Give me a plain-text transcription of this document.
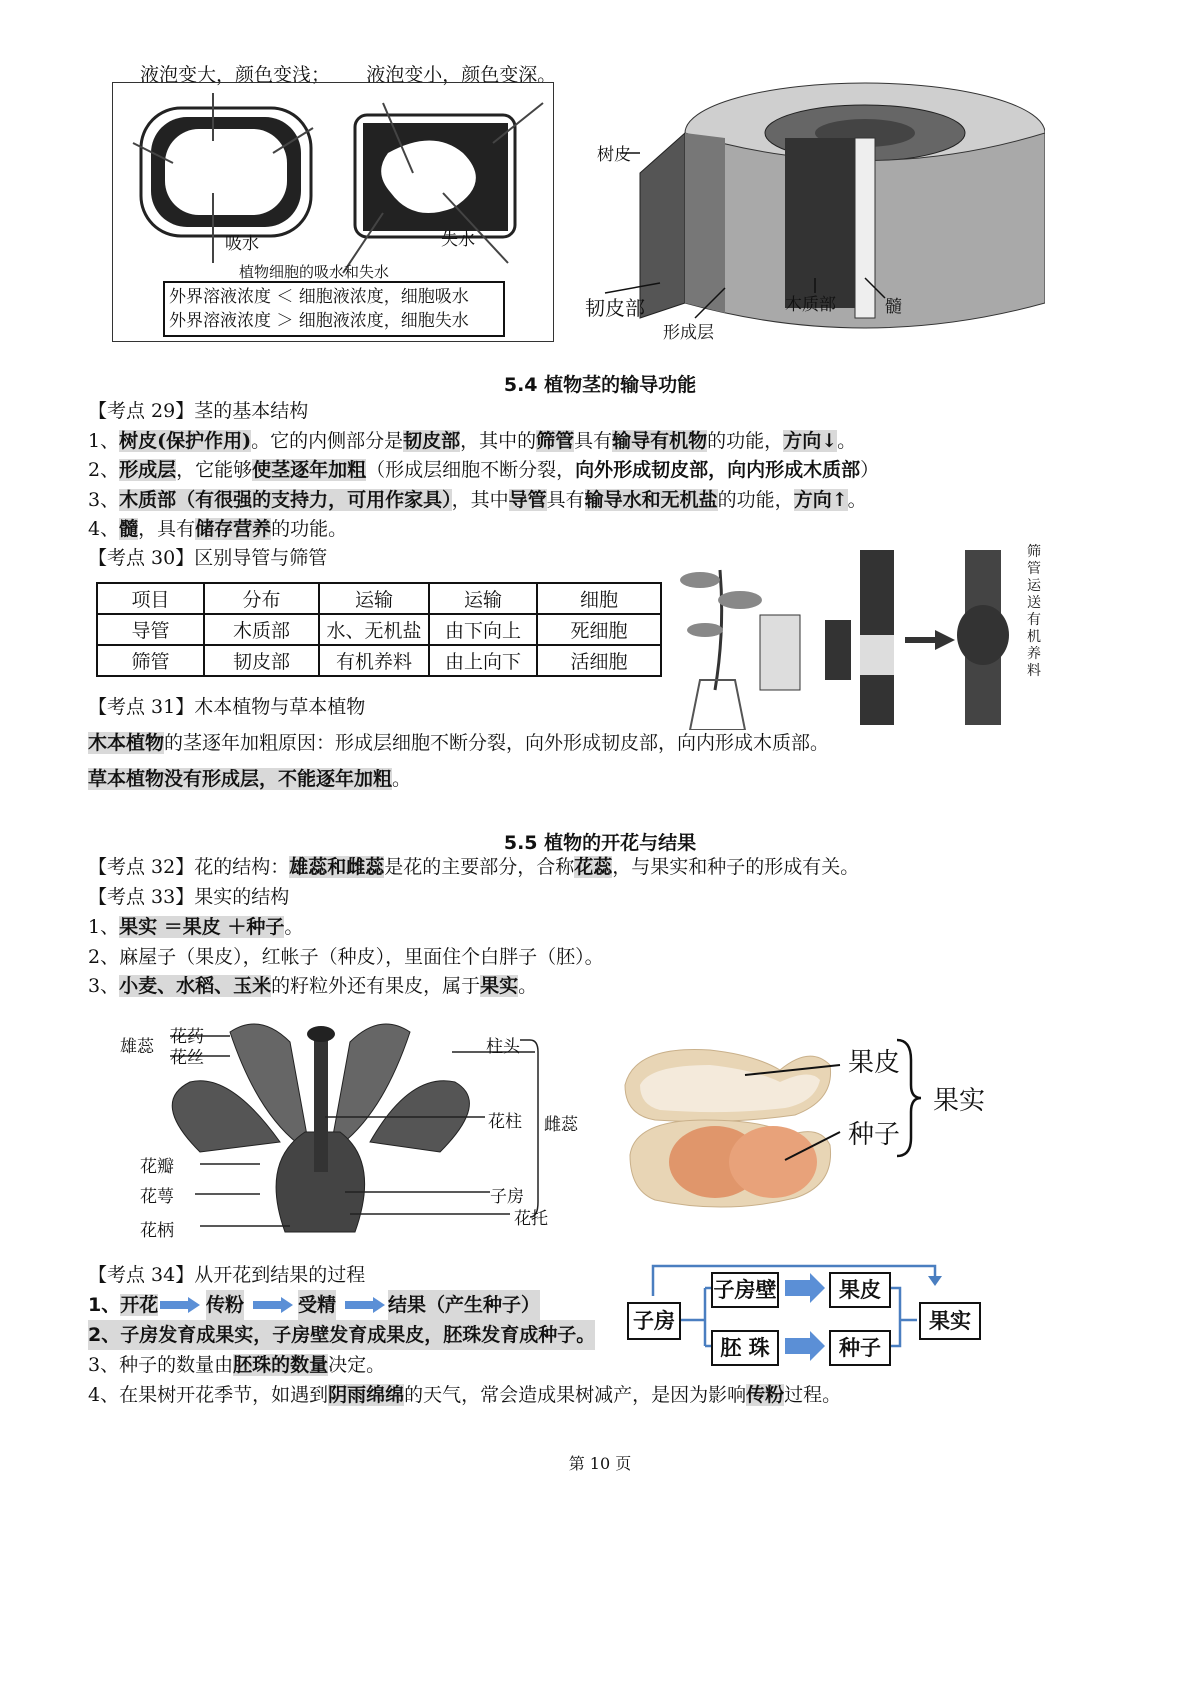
液泡变大，颜色变浅；      液泡变小，颜色变深。
吸水	失水
植物细胞的吸水和失水
外界溶液浓度 ＜ 细胞液浓度，细胞吸水
外界溶液浓度 ＞ 细胞液浓度，细胞失水
树皮
韧皮部
形成层
木质部	髓
5.4 植物茎的输导功能
【考点 29】茎的基本结构
1、树皮(保护作用)。它的内侧部分是韧皮部，其中的筛管具有输导有机物的功能，方向↓。
2、形成层，它能够使茎逐年加粗（形成层细胞不断分裂，向外形成韧皮部，向内形成木质部）
3、木质部（有很强的支持力，可用作家具），其中导管具有输导水和无机盐的功能，方向↑。
4、髓，具有储存营养的功能。
【考点 30】区别导管与筛管
项目	分布	运输	运输	细胞
导管	木质部	水、无机盐	由下向上	死细胞
筛管	韧皮部	有机养料	由上向下	活细胞
筛管运送有机养料
【考点 31】木本植物与草本植物
木本植物的茎逐年加粗原因：形成层细胞不断分裂，向外形成韧皮部，向内形成木质部。
草本植物没有形成层，不能逐年加粗。
5.5 植物的开花与结果
【考点 32】花的结构：雄蕊和雌蕊是花的主要部分，合称花蕊，与果实和种子的形成有关。
【考点 33】果实的结构
1、果实 ＝果皮 ＋种子。
2、麻屋子（果皮），红帐子（种皮），里面住个白胖子（胚）。
3、小麦、水稻、玉米的籽粒外还有果皮，属于果实。
雄蕊 花药
花丝
花瓣
花萼
花柄
柱头
花柱 雌蕊
子房
花托
果皮
种子
果实
【考点 34】从开花到结果的过程
1、开花	传粉	受精	结果（产生种子）
2、子房发育成果实，子房壁发育成果皮，胚珠发育成种子。
3、种子的数量由胚珠的数量决定。
4、在果树开花季节，如遇到阴雨绵绵的天气，常会造成果树减产，是因为影响传粉过程。
子房
子房壁	果皮
胚 珠	种子
果实
第 10 页
